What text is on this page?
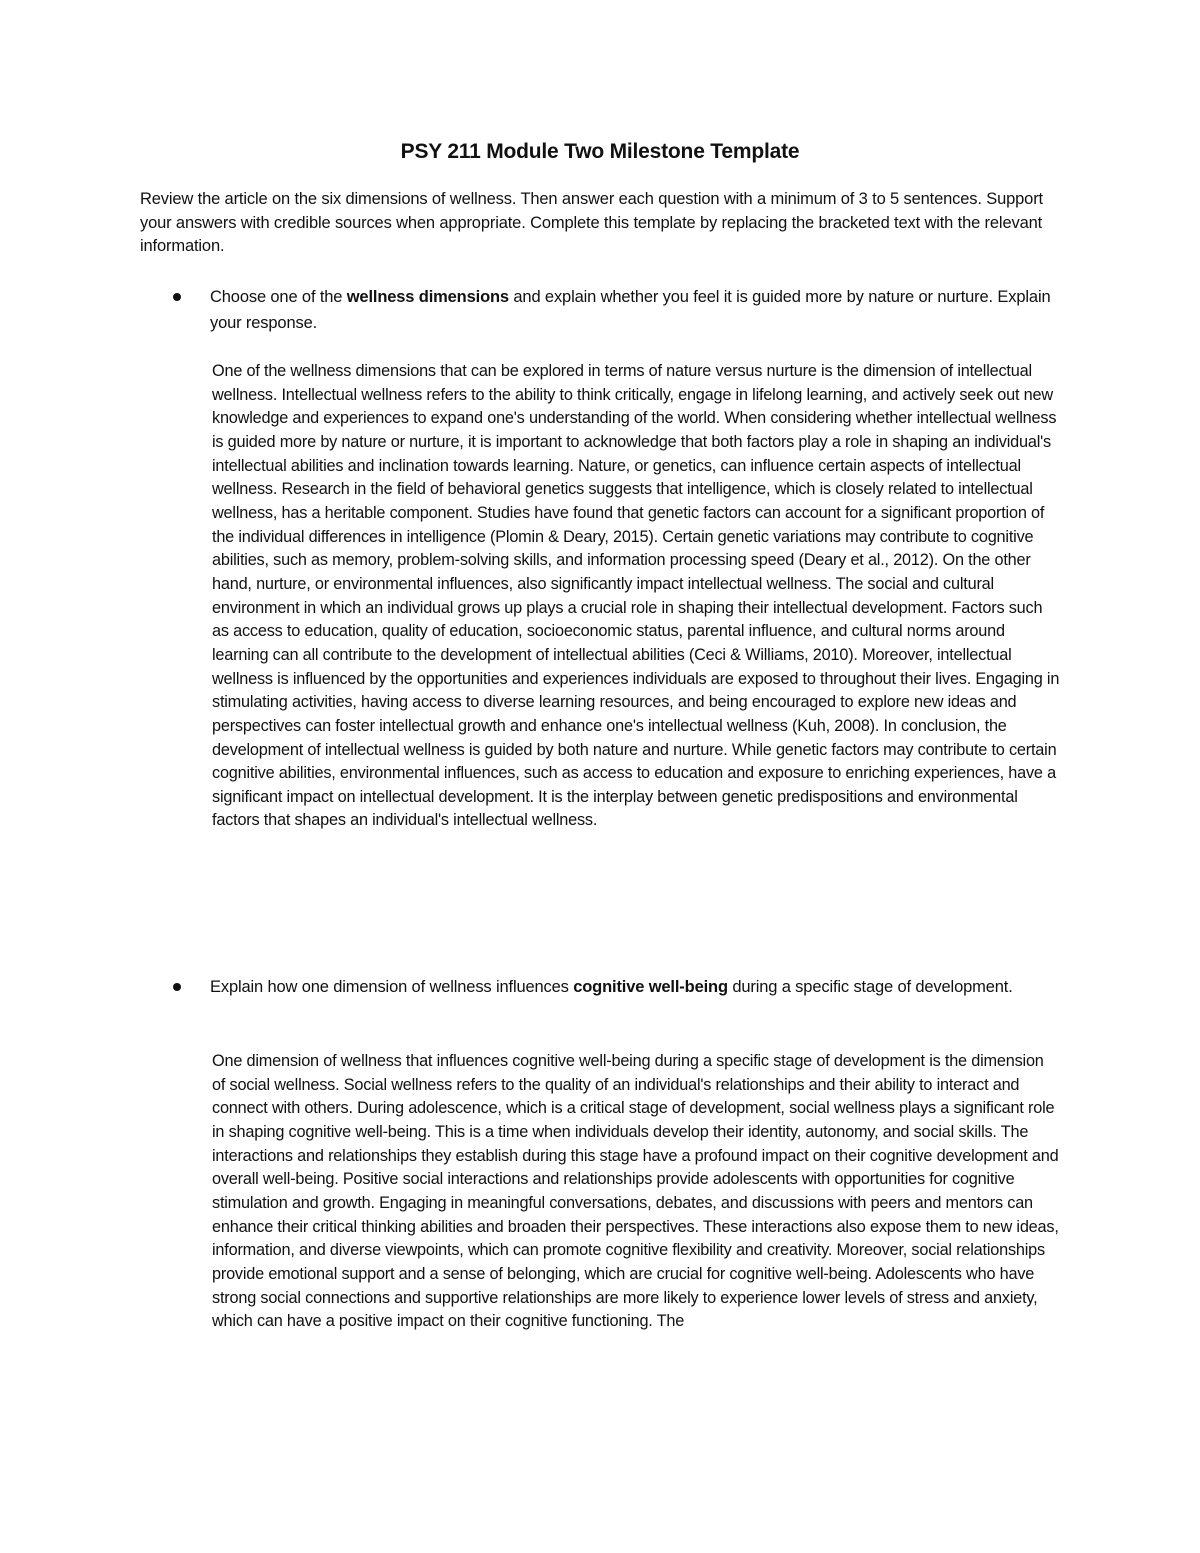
PSY 211 Module Two Milestone Template
Review the article on the six dimensions of wellness. Then answer each question with a minimum of 3 to 5 sentences. Support your answers with credible sources when appropriate. Complete this template by replacing the bracketed text with the relevant information.
Choose one of the wellness dimensions and explain whether you feel it is guided more by nature or nurture. Explain your response.
One of the wellness dimensions that can be explored in terms of nature versus nurture is the dimension of intellectual wellness. Intellectual wellness refers to the ability to think critically, engage in lifelong learning, and actively seek out new knowledge and experiences to expand one's understanding of the world. When considering whether intellectual wellness is guided more by nature or nurture, it is important to acknowledge that both factors play a role in shaping an individual's intellectual abilities and inclination towards learning. Nature, or genetics, can influence certain aspects of intellectual wellness. Research in the field of behavioral genetics suggests that intelligence, which is closely related to intellectual wellness, has a heritable component. Studies have found that genetic factors can account for a significant proportion of the individual differences in intelligence (Plomin & Deary, 2015). Certain genetic variations may contribute to cognitive abilities, such as memory, problem-solving skills, and information processing speed (Deary et al., 2012). On the other hand, nurture, or environmental influences, also significantly impact intellectual wellness. The social and cultural environment in which an individual grows up plays a crucial role in shaping their intellectual development. Factors such as access to education, quality of education, socioeconomic status, parental influence, and cultural norms around learning can all contribute to the development of intellectual abilities (Ceci & Williams, 2010). Moreover, intellectual wellness is influenced by the opportunities and experiences individuals are exposed to throughout their lives. Engaging in stimulating activities, having access to diverse learning resources, and being encouraged to explore new ideas and perspectives can foster intellectual growth and enhance one's intellectual wellness (Kuh, 2008). In conclusion, the development of intellectual wellness is guided by both nature and nurture. While genetic factors may contribute to certain cognitive abilities, environmental influences, such as access to education and exposure to enriching experiences, have a significant impact on intellectual development. It is the interplay between genetic predispositions and environmental factors that shapes an individual's intellectual wellness.
Explain how one dimension of wellness influences cognitive well-being during a specific stage of development.
One dimension of wellness that influences cognitive well-being during a specific stage of development is the dimension of social wellness. Social wellness refers to the quality of an individual's relationships and their ability to interact and connect with others. During adolescence, which is a critical stage of development, social wellness plays a significant role in shaping cognitive well-being. This is a time when individuals develop their identity, autonomy, and social skills. The interactions and relationships they establish during this stage have a profound impact on their cognitive development and overall well-being. Positive social interactions and relationships provide adolescents with opportunities for cognitive stimulation and growth. Engaging in meaningful conversations, debates, and discussions with peers and mentors can enhance their critical thinking abilities and broaden their perspectives. These interactions also expose them to new ideas, information, and diverse viewpoints, which can promote cognitive flexibility and creativity. Moreover, social relationships provide emotional support and a sense of belonging, which are crucial for cognitive well-being. Adolescents who have strong social connections and supportive relationships are more likely to experience lower levels of stress and anxiety, which can have a positive impact on their cognitive functioning. The
